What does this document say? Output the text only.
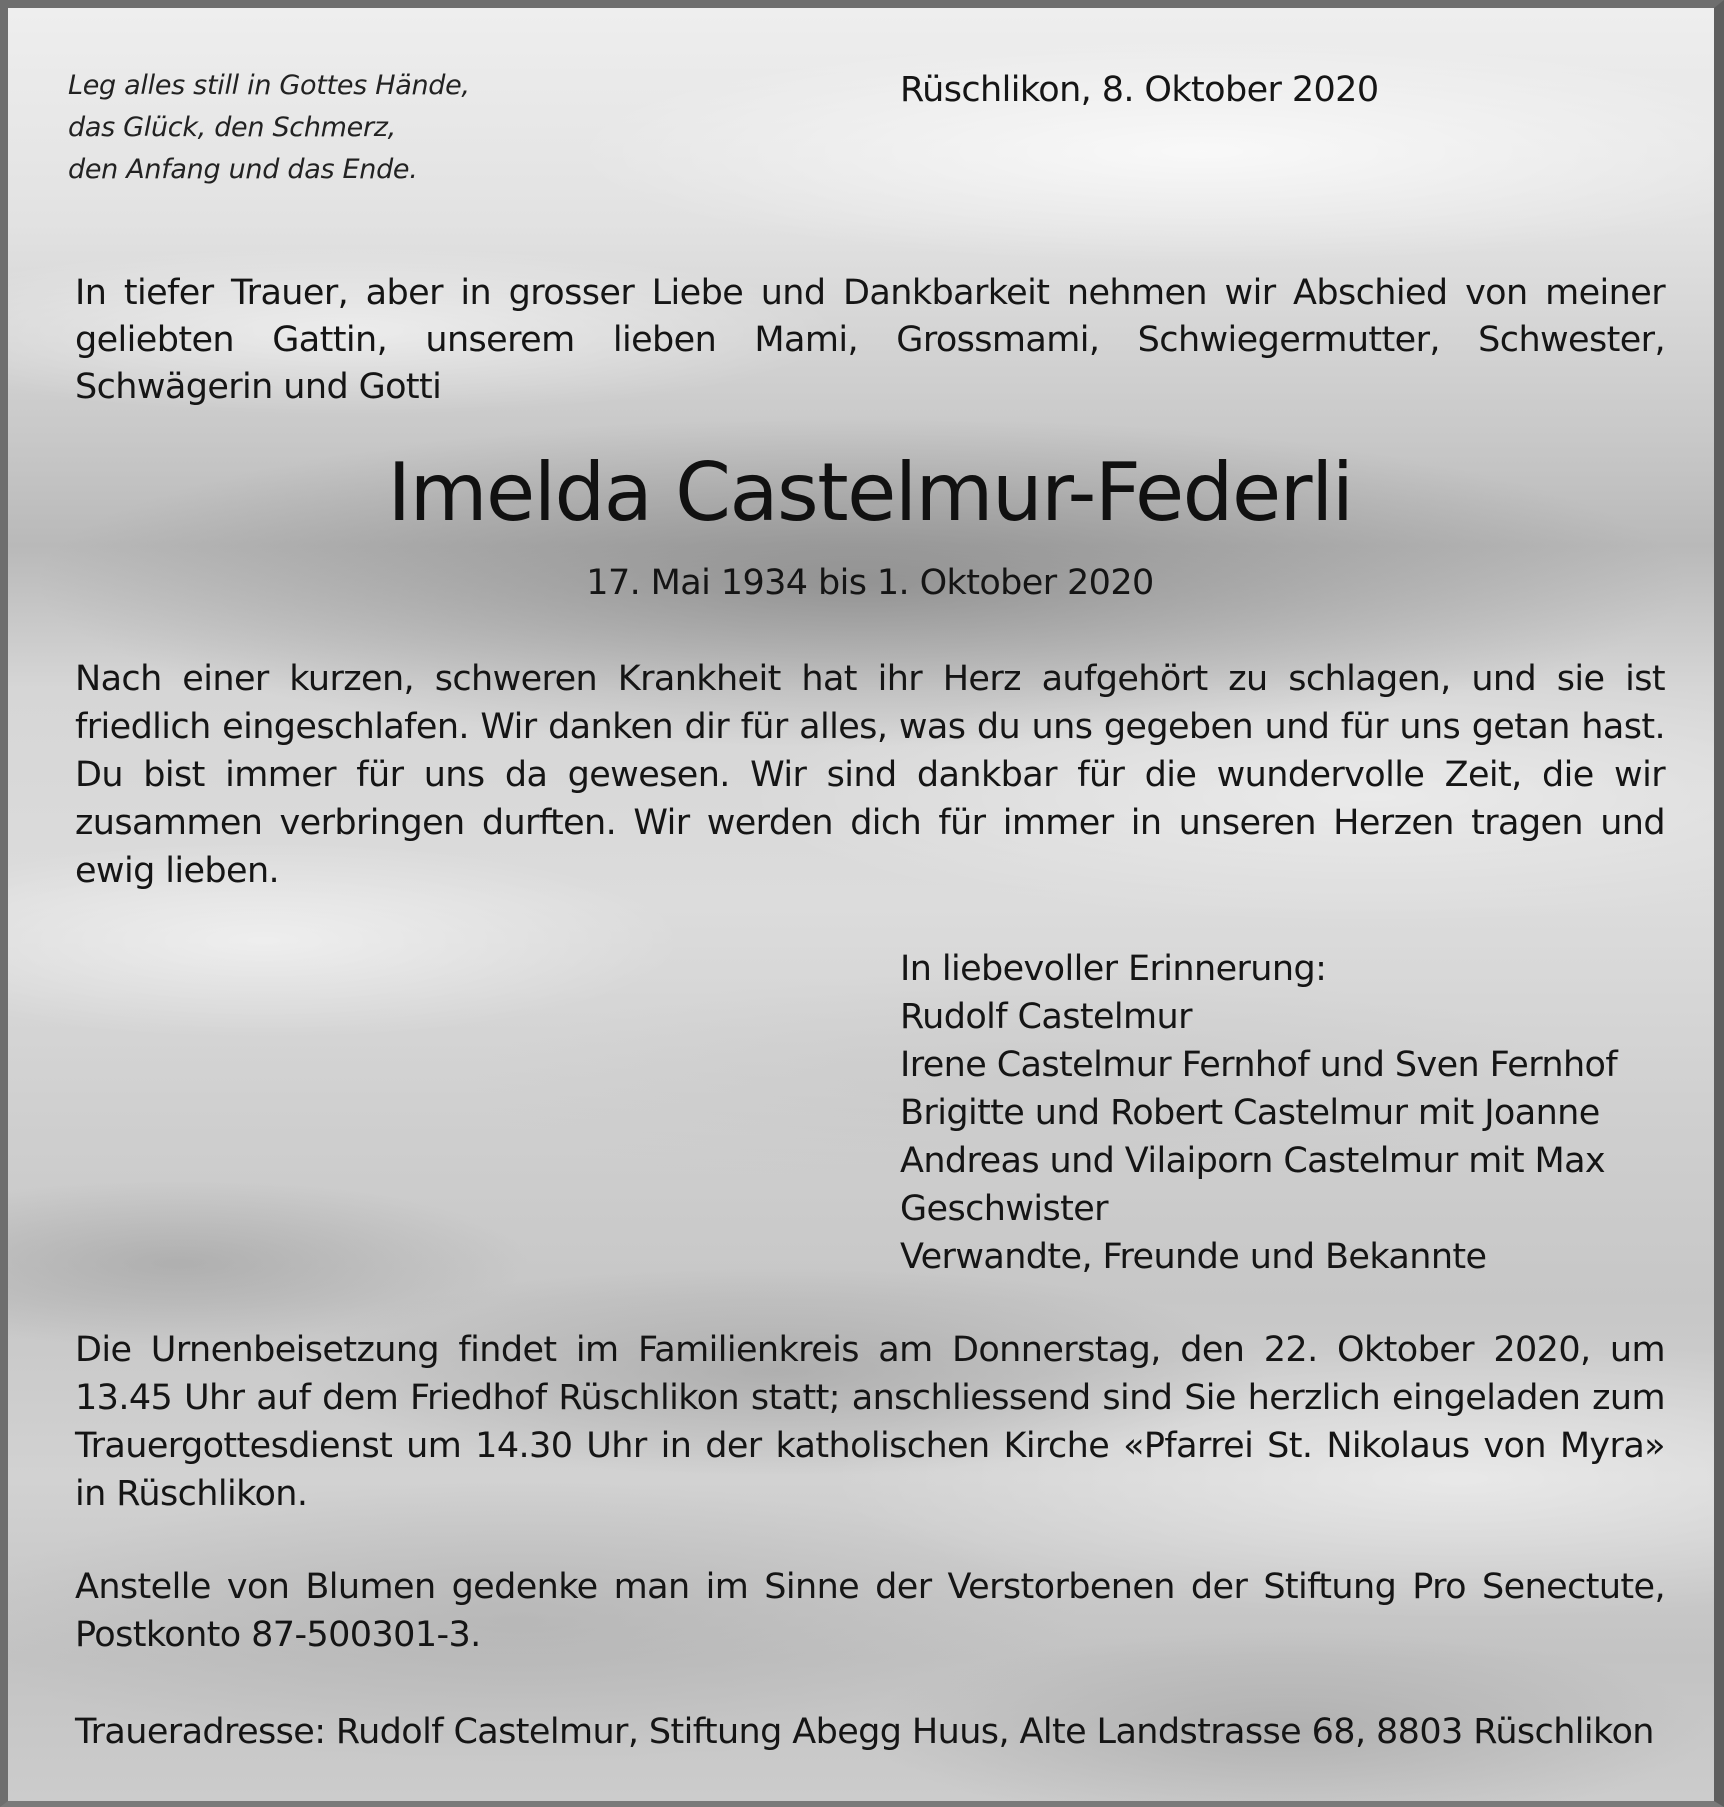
Leg alles still in Gottes Hände,
das Glück, den Schmerz,
den Anfang und das Ende.
Rüschlikon, 8. Oktober 2020

In tiefer Trauer, aber in grosser Liebe und Dankbarkeit nehmen wir Abschied von meiner geliebten Gattin, unserem lieben Mami, Grossmami, Schwiegermutter, Schwester, Schwägerin und Gotti

Imelda Castelmur-Federli
17. Mai 1934 bis 1. Oktober 2020

Nach einer kurzen, schweren Krankheit hat ihr Herz aufgehört zu schlagen, und sie ist friedlich eingeschlafen. Wir danken dir für alles, was du uns gegeben und für uns getan hast. Du bist immer für uns da gewesen. Wir sind dankbar für die wundervolle Zeit, die wir zusammen verbringen durften. Wir werden dich für immer in unseren Herzen tragen und ewig lieben.

In liebevoller Erinnerung:
Rudolf Castelmur
Irene Castelmur Fernhof und Sven Fernhof
Brigitte und Robert Castelmur mit Joanne
Andreas und Vilaiporn Castelmur mit Max
Geschwister
Verwandte, Freunde und Bekannte

Die Urnenbeisetzung findet im Familienkreis am Donnerstag, den 22. Oktober 2020, um 13.45 Uhr auf dem Friedhof Rüschlikon statt; anschliessend sind Sie herzlich eingeladen zum Trauergottesdienst um 14.30 Uhr in der katholischen Kirche «Pfarrei St. Nikolaus von Myra» in Rüschlikon.

Anstelle von Blumen gedenke man im Sinne der Verstorbenen der Stiftung Pro Senectute, Postkonto 87-500301-3.

Traueradresse: Rudolf Castelmur, Stiftung Abegg Huus, Alte Landstrasse 68, 8803 Rüschlikon
